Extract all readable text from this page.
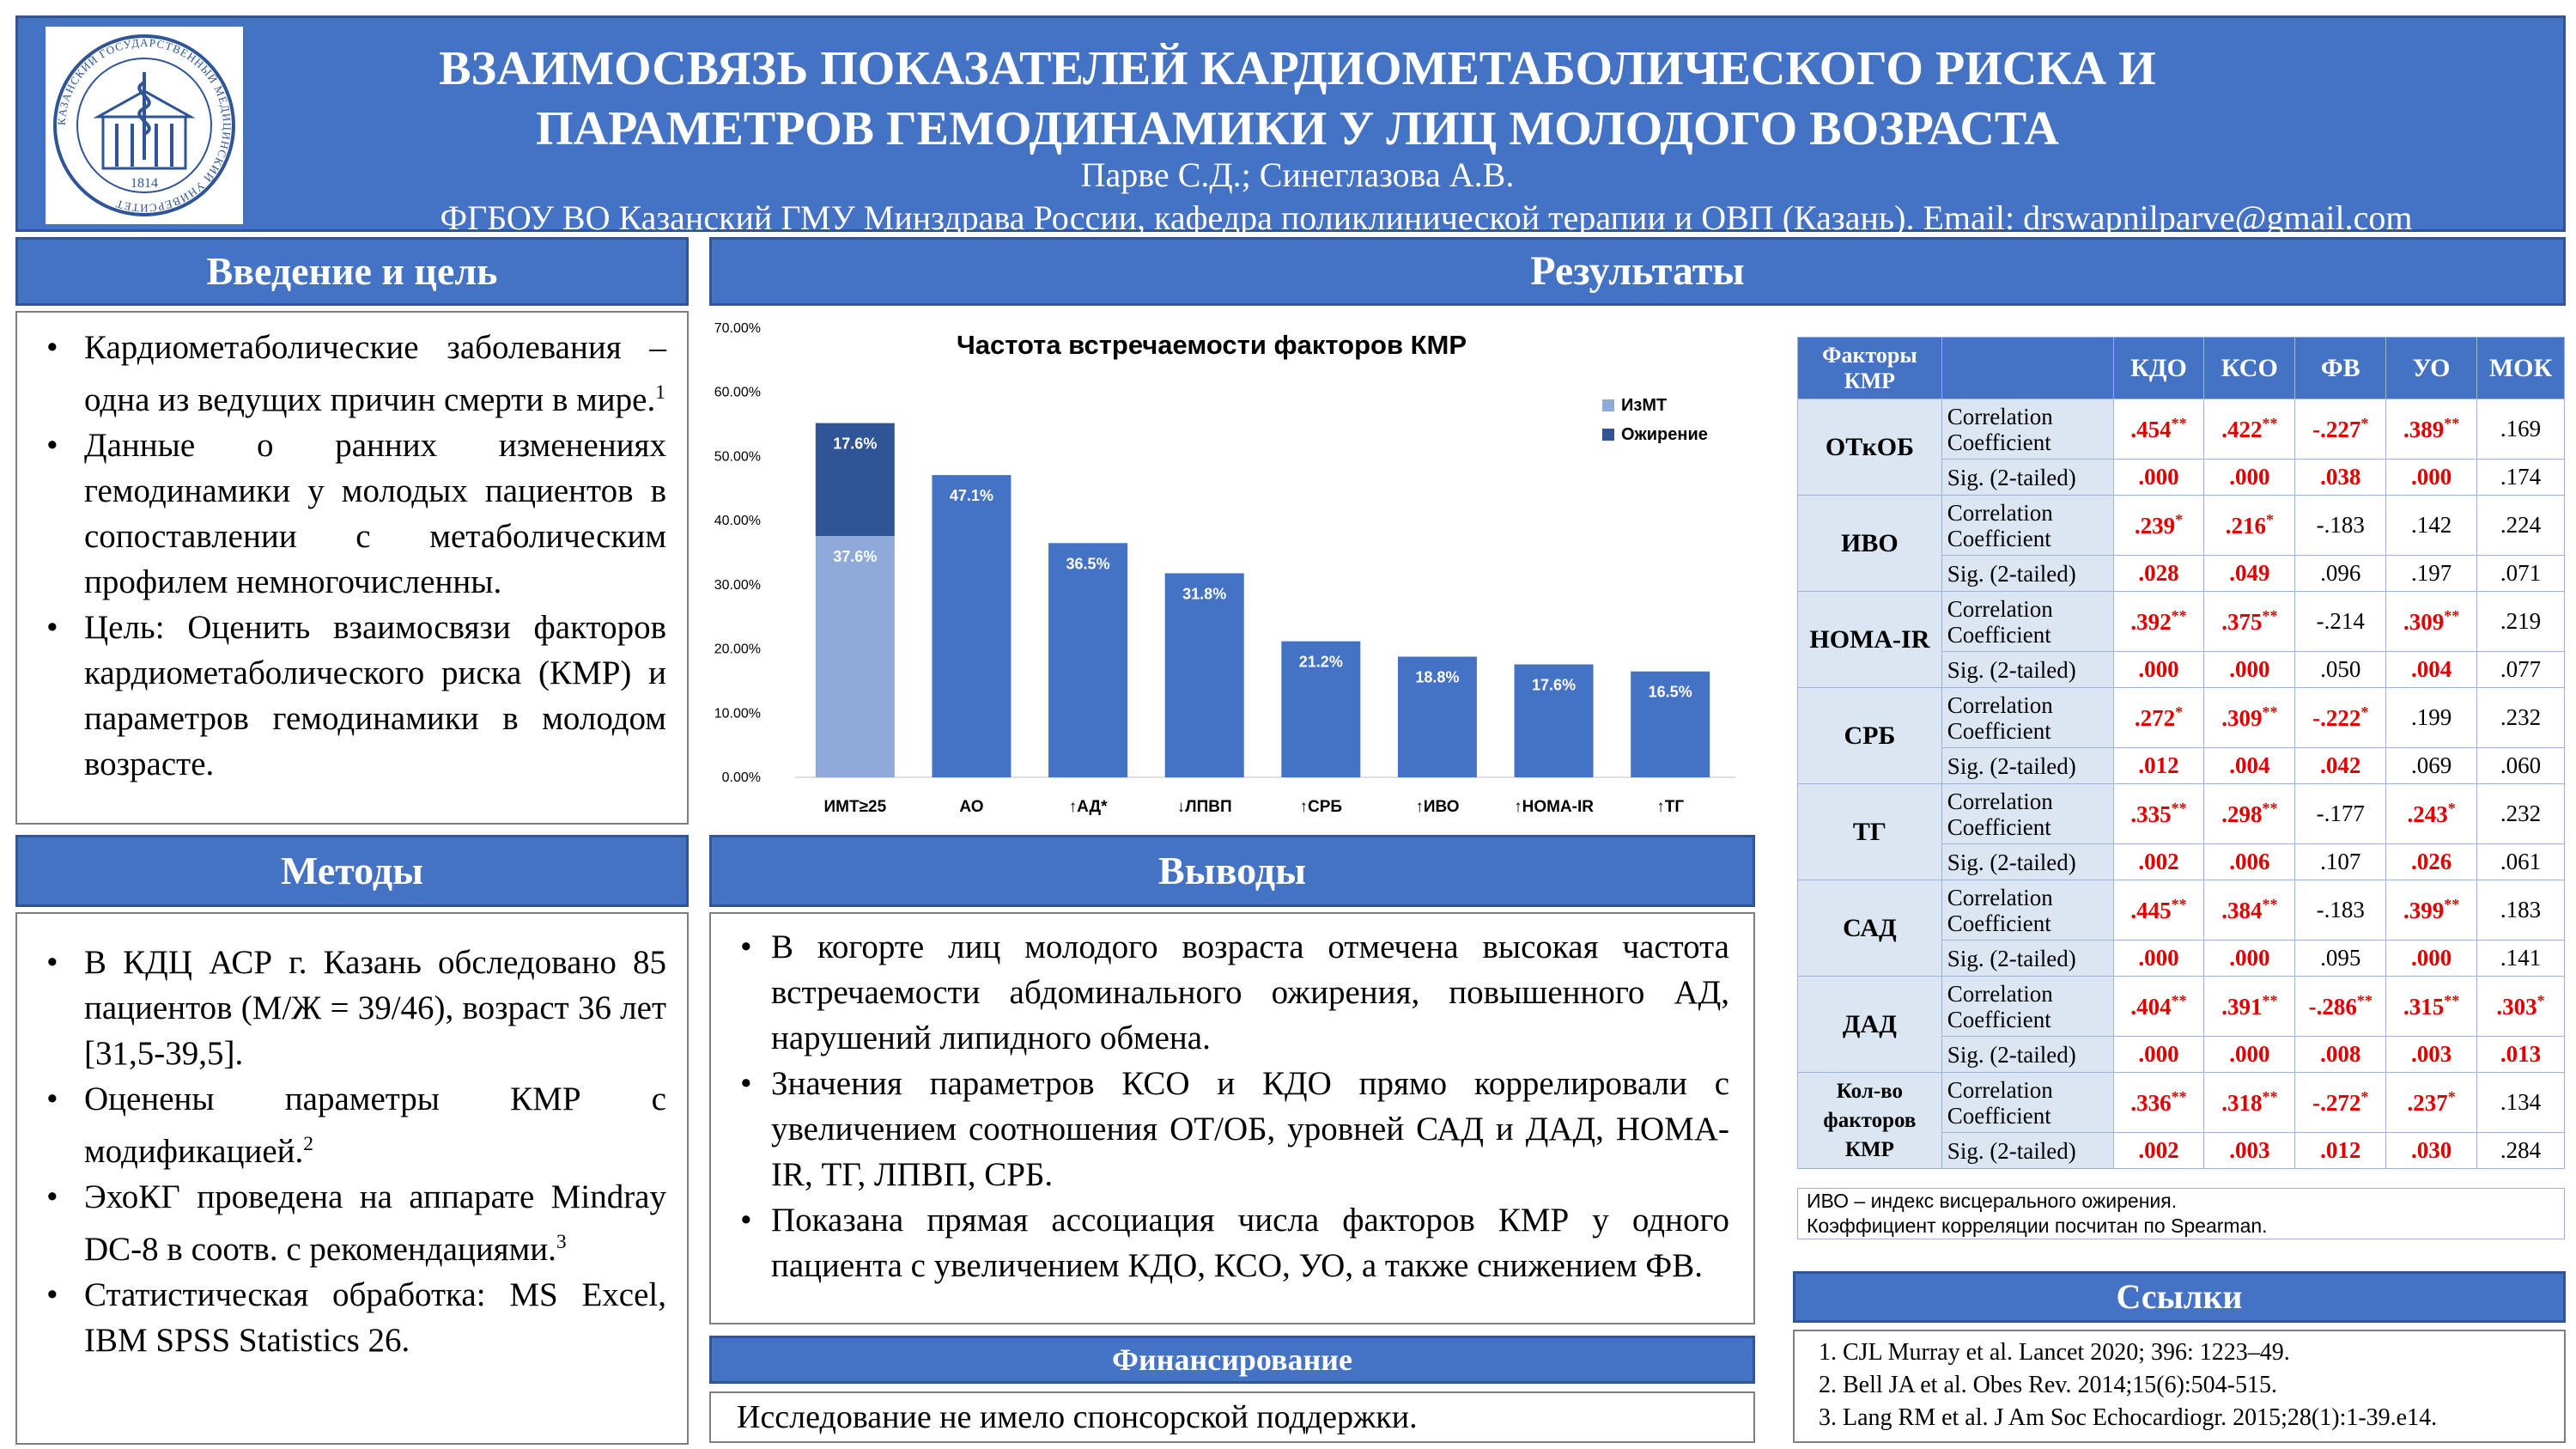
КАЗАНСКИЙ ГОСУДАРСТВЕННЫЙ МЕДИЦИНСКИЙ УНИВЕРСИТЕТ
1814
ВЗАИМОСВЯЗЬ ПОКАЗАТЕЛЕЙ КАРДИОМЕТАБОЛИЧЕСКОГО РИСКА И
ПАРАМЕТРОВ ГЕМОДИНАМИКИ У ЛИЦ МОЛОДОГО ВОЗРАСТА
Парве С.Д.; Синеглазова А.В.
ФГБОУ ВО Казанский ГМУ Минздрава России, кафедра поликлинической терапии и ОВП (Казань). Email: drswapnilparve@gmail.com
Введение и цель
• Кардиометаболические заболевания – одна из ведущих причин смерти в мире.$^1$
• Данные о ранних изменениях гемодинамики у молодых пациентов в сопоставлении с метаболическим профилем немногочисленны.
• Цель: Оценить взаимосвязи факторов кардиометаболического риска (КМР) и параметров гемодинамики в молодом возрасте.
Методы
• В КДЦ АСР г. Казань обследовано 85 пациентов (М/Ж = 39/46), возраст 36 лет [31,5-39,5].
• Оценены параметры КМР с модификацией.$^2$
• ЭхоКГ проведена на аппарате Mindray DC-8 в соотв. с рекомендациями.$^3$
• Статистическая обработка: MS Excel, IBM SPSS Statistics 26.
Результаты
Частота встречаемости факторов КМР
0.00%
10.00%
20.00%
30.00%
40.00%
50.00%
60.00%
70.00%
37.6%
17.6%
47.1%
36.5%
31.8%
21.2%
18.8%	17.6%	16.5%
ИМТ≥25	АО	↑АД*	↓ЛПВП	↑СРБ	↑ИВО	↑HOMA-IR	↑ТГ
ИзМТ
Ожирение
Факторы КМР		КДО	КСО	ФВ	УО	МОК
ОТкОБ	Correlation Coefficient	.454**	.422**	-.227*	.389**	.169
	Sig. (2-tailed)	.000	.000	.038	.000	.174
ИВО	Correlation Coefficient	.239*	.216*	-.183	.142	.224
	Sig. (2-tailed)	.028	.049	.096	.197	.071
HOMA-IR	Correlation Coefficient	.392**	.375**	-.214	.309**	.219
	Sig. (2-tailed)	.000	.000	.050	.004	.077
СРБ	Correlation Coefficient	.272*	.309**	-.222*	.199	.232
	Sig. (2-tailed)	.012	.004	.042	.069	.060
ТГ	Correlation Coefficient	.335**	.298**	-.177	.243*	.232
	Sig. (2-tailed)	.002	.006	.107	.026	.061
САД	Correlation Coefficient	.445**	.384**	-.183	.399**	.183
	Sig. (2-tailed)	.000	.000	.095	.000	.141
ДАД	Correlation Coefficient	.404**	.391**	-.286**	.315**	.303*
	Sig. (2-tailed)	.000	.000	.008	.003	.013
Кол-во факторов КМР	Correlation Coefficient	.336**	.318**	-.272*	.237*	.134
	Sig. (2-tailed)	.002	.003	.012	.030	.284
ИВО – индекс висцерального ожирения.
Коэффициент корреляции посчитан по Spearman.
Выводы
• В когорте лиц молодого возраста отмечена высокая частота встречаемости абдоминального ожирения, повышенного АД, нарушений липидного обмена.
• Значения параметров КСО и КДО прямо коррелировали с увеличением соотношения ОТ/ОБ, уровней САД и ДАД, HOMA-IR, ТГ, ЛПВП, СРБ.
• Показана прямая ассоциация числа факторов КМР у одного пациента с увеличением КДО, КСО, УО, а также снижением ФВ.
Финансирование
Исследование не имело спонсорской поддержки.
Ссылки
1. CJL Murray et al. Lancet 2020; 396: 1223–49.
2. Bell JA et al. Obes Rev. 2014;15(6):504-515.
3. Lang RM et al. J Am Soc Echocardiogr. 2015;28(1):1-39.e14.
